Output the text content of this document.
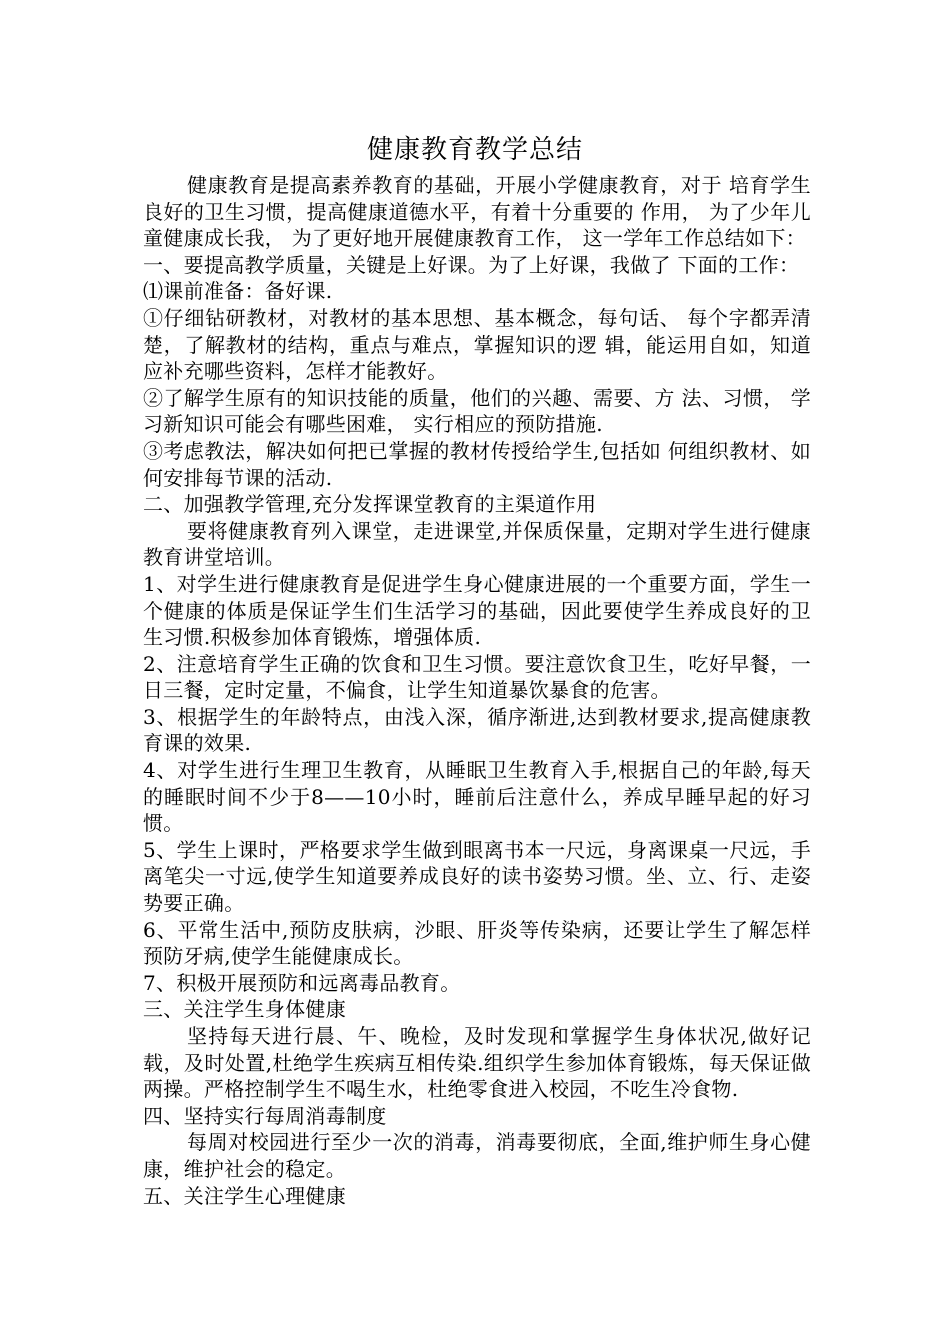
健康教育教学总结

健康教育是提高素养教育的基础，开展小学健康教育，对于 培育学生良好的卫生习惯，提高健康道德水平，有着十分重要的 作用， 为了少年儿童健康成长我， 为了更好地开展健康教育工作， 这一学年工作总结如下：

一、要提高教学质量，关键是上好课。为了上好课，我做了 下面的工作：

⑴课前准备：备好课.

①仔细钻研教材，对教材的基本思想、基本概念，每句话、 每个字都弄清楚，了解教材的结构，重点与难点，掌握知识的逻 辑，能运用自如，知道应补充哪些资料，怎样才能教好。

②了解学生原有的知识技能的质量，他们的兴趣、需要、方 法、习惯， 学习新知识可能会有哪些困难， 实行相应的预防措施.

③考虑教法，解决如何把已掌握的教材传授给学生,包括如 何组织教材、如何安排每节课的活动.

二、加强教学管理,充分发挥课堂教育的主渠道作用

要将健康教育列入课堂，走进课堂,并保质保量，定期对学生进行健康教育讲堂培训。

1、对学生进行健康教育是促进学生身心健康进展的一个重要方面，学生一个健康的体质是保证学生们生活学习的基础，因此要使学生养成良好的卫生习惯.积极参加体育锻炼，增强体质.

2、注意培育学生正确的饮食和卫生习惯。要注意饮食卫生，吃好早餐，一日三餐，定时定量，不偏食，让学生知道暴饮暴食的危害。

3、根据学生的年龄特点，由浅入深，循序渐进,达到教材要求,提高健康教育课的效果.

4、对学生进行生理卫生教育，从睡眠卫生教育入手,根据自己的年龄,每天的睡眠时间不少于8——10小时，睡前后注意什么，养成早睡早起的好习惯。

5、学生上课时，严格要求学生做到眼离书本一尺远，身离课桌一尺远，手离笔尖一寸远,使学生知道要养成良好的读书姿势习惯。坐、立、行、走姿势要正确。

6、平常生活中,预防皮肤病，沙眼、肝炎等传染病，还要让学生了解怎样预防牙病,使学生能健康成长。

7、积极开展预防和远离毒品教育。

三、关注学生身体健康

坚持每天进行晨、午、晚检，及时发现和掌握学生身体状况,做好记载，及时处置,杜绝学生疾病互相传染.组织学生参加体育锻炼，每天保证做两操。严格控制学生不喝生水，杜绝零食进入校园，不吃生冷食物.

四、坚持实行每周消毒制度

每周对校园进行至少一次的消毒，消毒要彻底，全面,维护师生身心健康，维护社会的稳定。

五、关注学生心理健康
